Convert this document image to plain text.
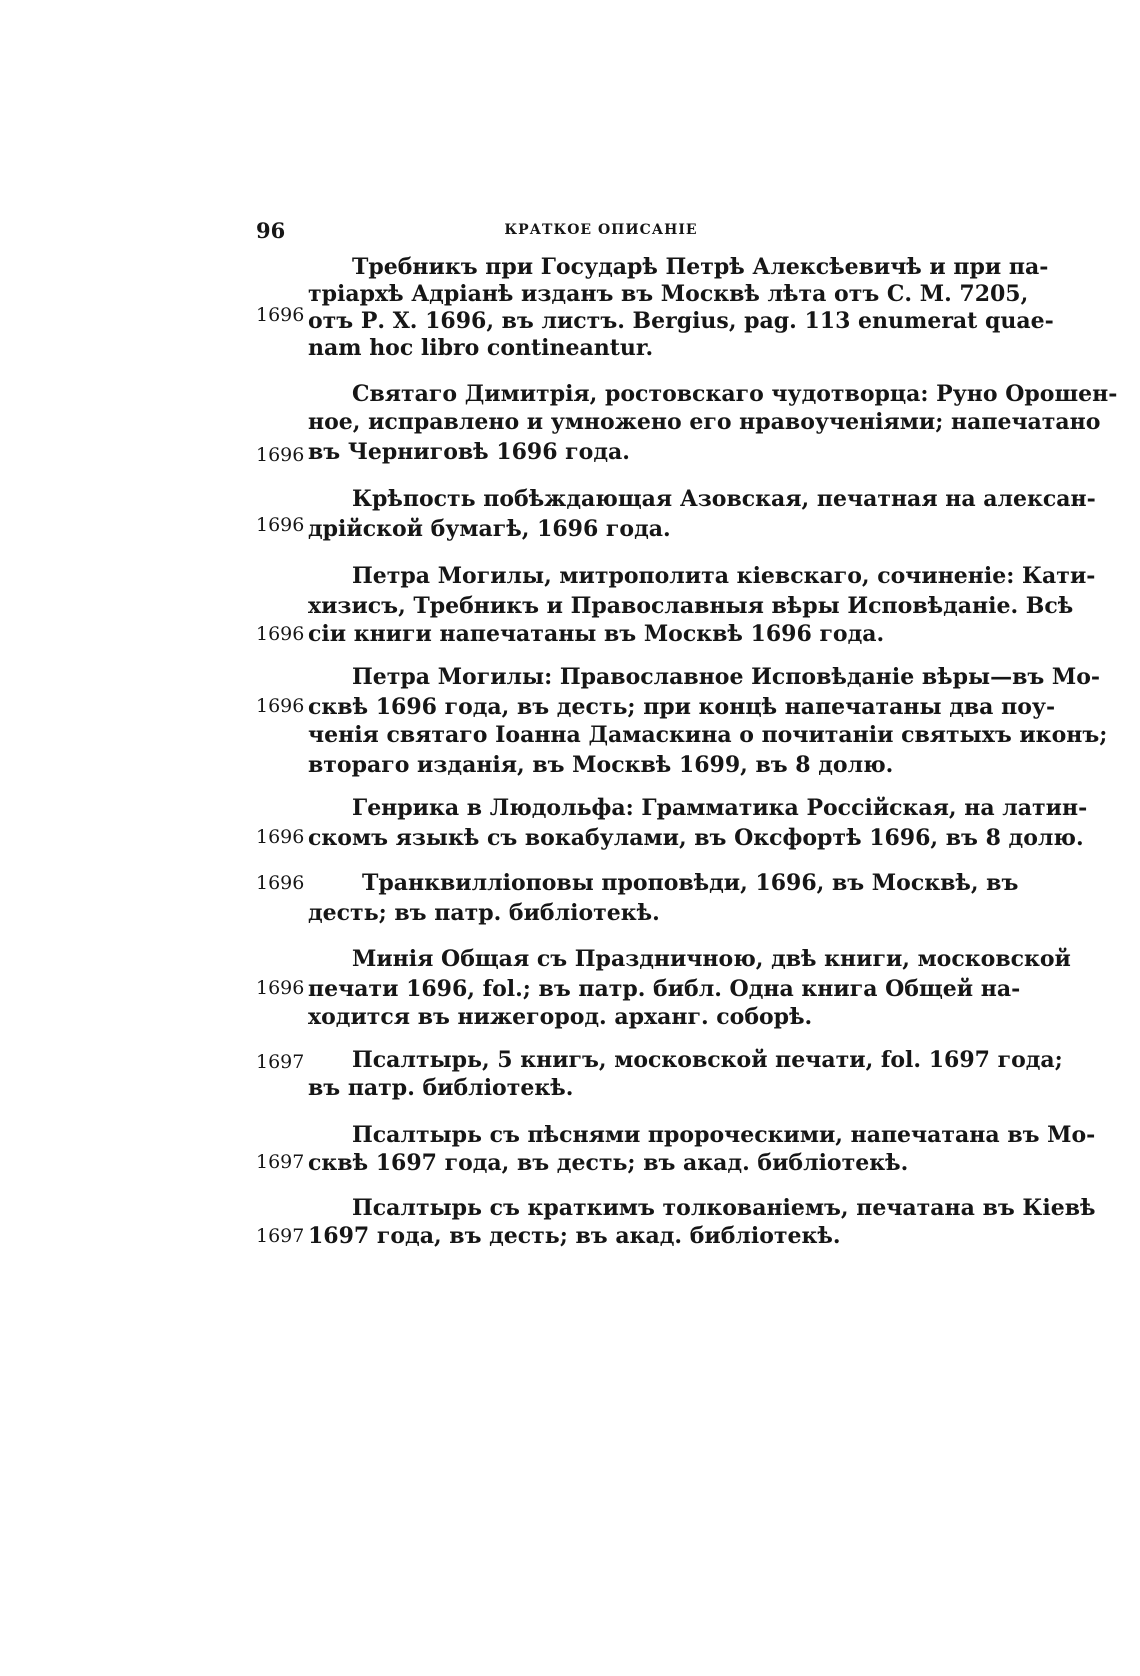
96	КРАТКОЕ ОПИСАНІЕ
1696
Требникъ при Государѣ Петрѣ Алексѣевичѣ и при па-
тріархѣ Адріанѣ изданъ въ Москвѣ лѣта отъ С. М. 7205,
отъ Р. Х. 1696, въ листъ. Bergius, pag. 113 enumerat quae-
nam hoc libro contineantur.
1696
Святаго Димитрія, ростовскаго чудотворца: Руно Орошен-
ное, исправлено и умножено его нравоученіями; напечатано
въ Черниговѣ 1696 года.
1696
Крѣпость побѣждающая Азовская, печатная на алексан-
дрійской бумагѣ, 1696 года.
1696
Петра Могилы, митрополита кіевскаго, сочиненіе: Кати-
хизисъ, Требникъ и Православныя вѣры Исповѣданіе. Всѣ
сіи книги напечатаны въ Москвѣ 1696 года.
1696
Петра Могилы: Православное Исповѣданіе вѣры—въ Мо-
сквѣ 1696 года, въ десть; при концѣ напечатаны два поу-
ченія святаго Іоанна Дамаскина о почитаніи святыхъ иконъ;
втораго изданія, въ Москвѣ 1699, въ 8 долю.
1696
Генрика в Людольфа: Грамматика Россійская, на латин-
скомъ языкѣ съ вокабулами, въ Оксфортѣ 1696, въ 8 долю.
1696	Транквилліоповы проповѣди, 1696, въ Москвѣ, въ
десть; въ патр. библіотекѣ.
1696
Минія Общая съ Праздничною, двѣ книги, московской
печати 1696, fol.; въ патр. библ. Одна книга Общей на-
ходится въ нижегород. арханг. соборѣ.
1697 Псалтырь, 5 книгъ, московской печати, fol. 1697 года;
въ патр. библіотекѣ.
1697
Псалтырь съ пѣснями пророческими, напечатана въ Мо-
сквѣ 1697 года, въ десть; въ акад. библіотекѣ.
1697
Псалтырь съ краткимъ толкованіемъ, печатана въ Кіевѣ
1697 года, въ десть; въ акад. библіотекѣ.
